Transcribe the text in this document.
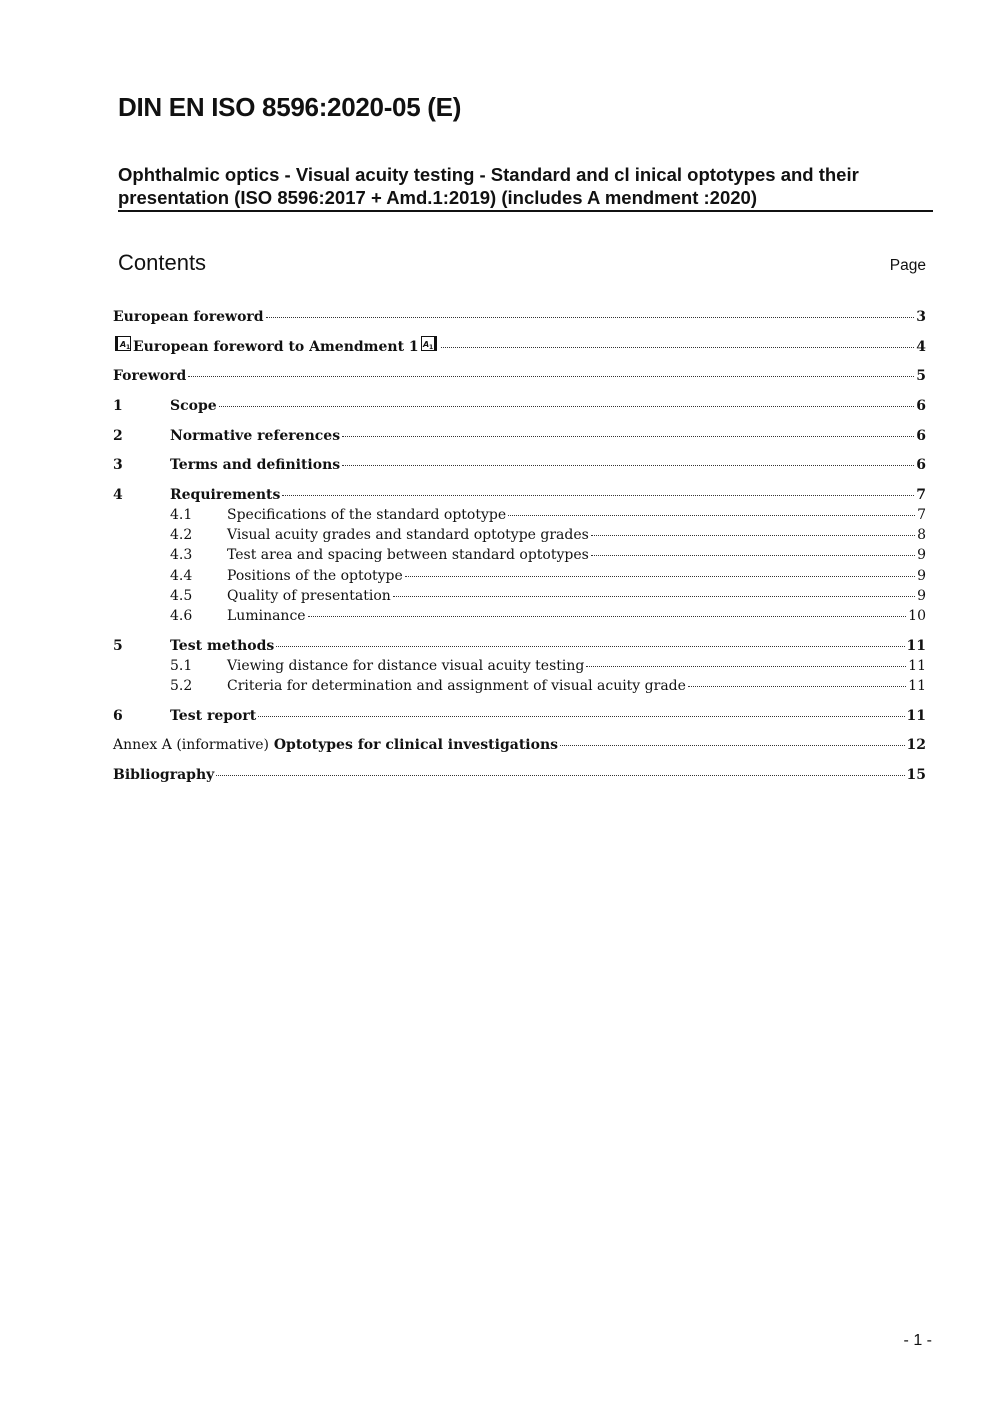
DIN EN ISO 8596:2020-05 (E)
Ophthalmic optics - Visual acuity testing - Standard and cl inical optotypes and their
presentation (ISO 8596:2017 + Amd.1:2019) (includes A mendment :2020)
Contents	Page
European foreword	3
A 1 European foreword to Amendment 1 A 1	4
Foreword	5
1	Scope	6
2	Normative references	6
3	Terms and definitions	6
4	Requirements	7
4.1	Specifications of the standard optotype	7
4.2	Visual acuity grades and standard optotype grades	8
4.3	Test area and spacing between standard optotypes	9
4.4	Positions of the optotype	9
4.5	Quality of presentation	9
4.6	Luminance	10
5	Test methods	11
5.1	Viewing distance for distance visual acuity testing	11
5.2	Criteria for determination and assignment of visual acuity grade	11
6	Test report	11
Annex A (informative) Optotypes for clinical investigations	12
Bibliography	15
- 1 -
